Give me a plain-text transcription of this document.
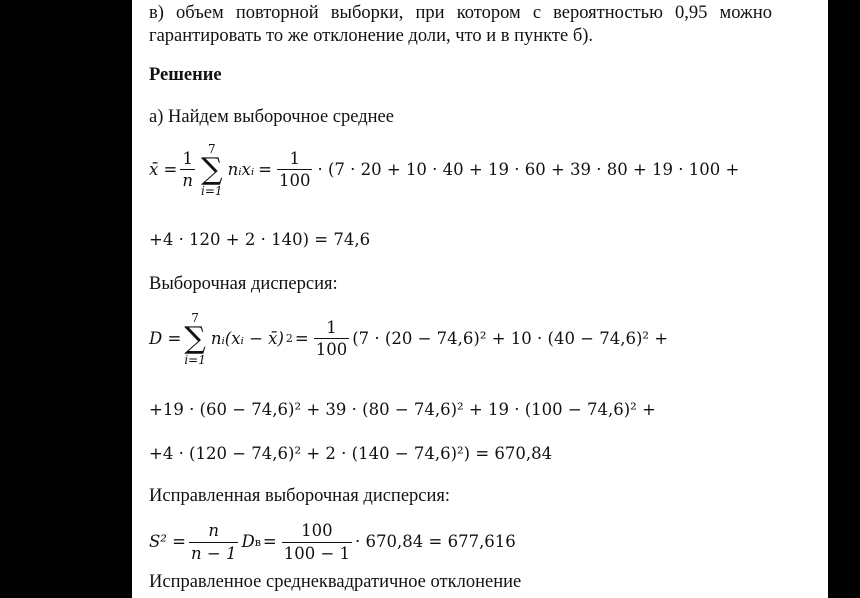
в) объем повторной выборки, при котором с вероятностью 0,95 можно
гарантировать то же отклонение доли, что и в пункте б).
Решение
а) Найдем выборочное среднее
x̄ = $\frac{1}{n}$
7
∑
i=1
nᵢxᵢ = $\frac{1}{100} \cdot (7 \cdot 20 + 10 \cdot 40 + 19 \cdot 60 + 39 \cdot 80 + 19 \cdot 100$ +
+4 · 120 + 2 · 140) = 74,6
Выборочная дисперсия:
D =
7
∑
i=1
nᵢ(xᵢ − x̄) $2 = \frac{1}{100} (7 \cdot (20 - 74,6)^2 + 10 \cdot (40 - 74,6)^2$ +
+19 · (60 − 74,6)² + 39 · (80 − 74,6)² + 19 · (100 − 74,6)² +
+4 · (120 − 74,6)² + 2 · (140 − 74,6)²) = 670,84
Исправленная выборочная дисперсия:
$S^2 = \frac{n}{n - 1}$ D $в = \frac{100}{100 - 1} \cdot 670,84 = 677,616$
Исправленное среднеквадратичное отклонение
